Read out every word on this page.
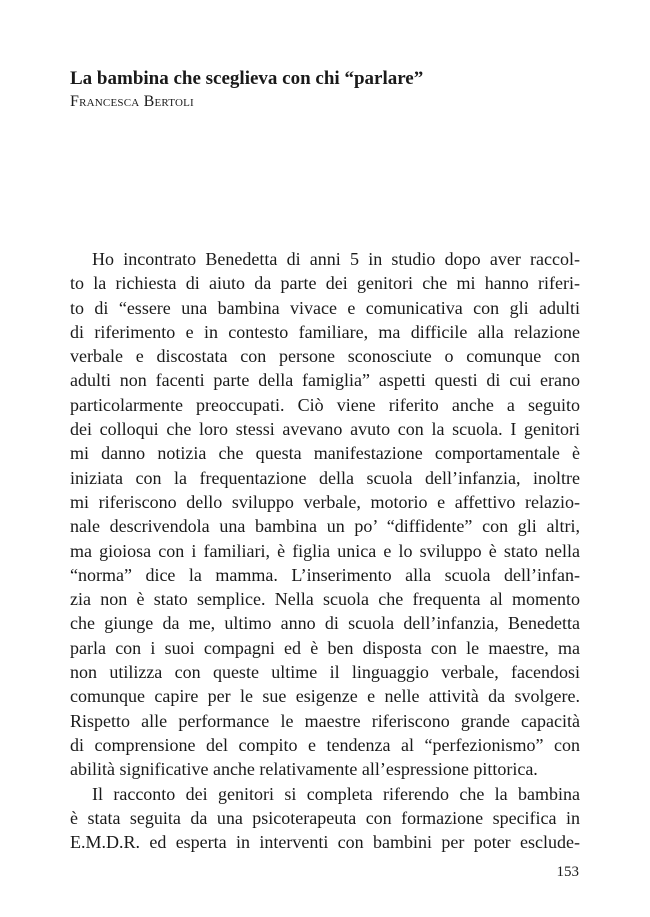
La bambina che sceglieva con chi “parlare”

Francesca Bertoli

Ho incontrato Benedetta di anni 5 in studio dopo aver raccol-
to la richiesta di aiuto da parte dei genitori che mi hanno riferi-
to di “essere una bambina vivace e comunicativa con gli adulti
di riferimento e in contesto familiare, ma difficile alla relazione
verbale e discostata con persone sconosciute o comunque con
adulti non facenti parte della famiglia” aspetti questi di cui erano
particolarmente preoccupati. Ciò viene riferito anche a seguito
dei colloqui che loro stessi avevano avuto con la scuola. I genitori
mi danno notizia che questa manifestazione comportamentale è
iniziata con la frequentazione della scuola dell’infanzia, inoltre
mi riferiscono dello sviluppo verbale, motorio e affettivo relazio-
nale descrivendola una bambina un po’ “diffidente” con gli altri,
ma gioiosa con i familiari, è figlia unica e lo sviluppo è stato nella
“norma” dice la mamma. L’inserimento alla scuola dell’infan-
zia non è stato semplice. Nella scuola che frequenta al momento
che giunge da me, ultimo anno di scuola dell’infanzia, Benedetta
parla con i suoi compagni ed è ben disposta con le maestre, ma
non utilizza con queste ultime il linguaggio verbale, facendosi
comunque capire per le sue esigenze e nelle attività da svolgere.
Rispetto alle performance le maestre riferiscono grande capacità
di comprensione del compito e tendenza al “perfezionismo” con
abilità significative anche relativamente all’espressione pittorica.
Il racconto dei genitori si completa riferendo che la bambina
è stata seguita da una psicoterapeuta con formazione specifica in
E.M.D.R. ed esperta in interventi con bambini per poter esclude-
153
